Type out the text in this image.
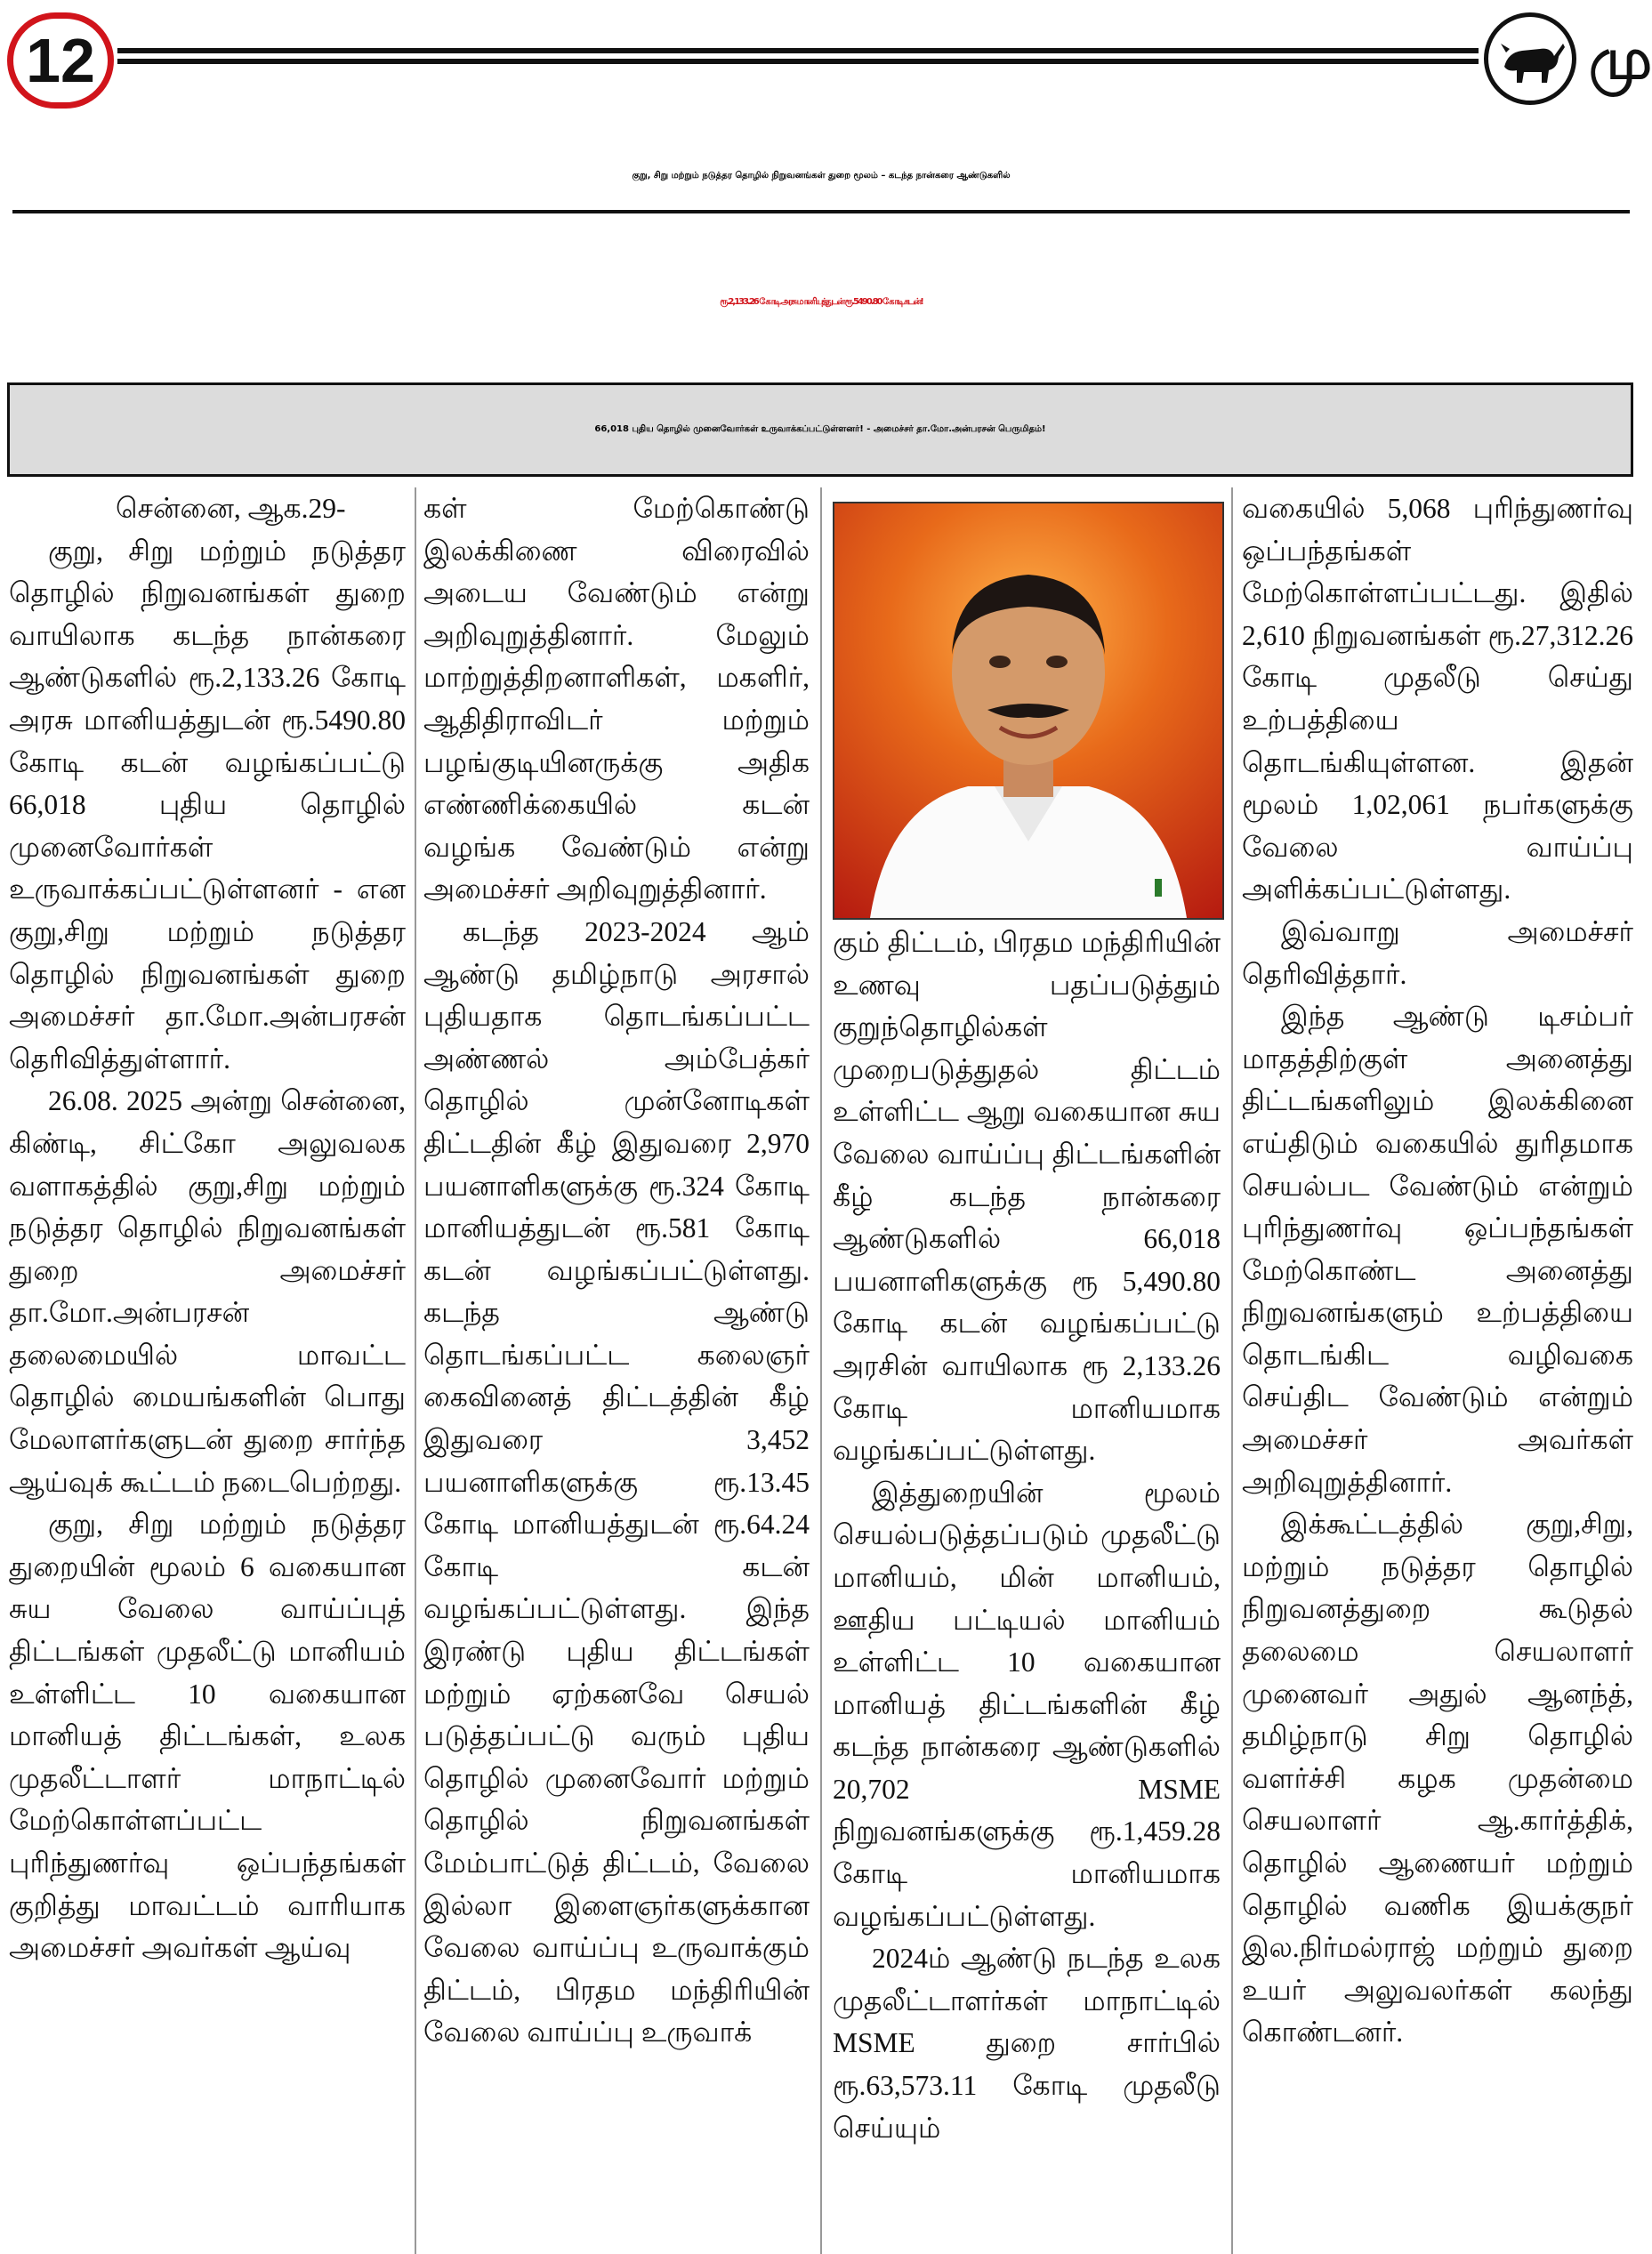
12	மு
குறு, சிறு மற்றும் நடுத்தர தொழில் நிறுவனங்கள் துறை மூலம் – கடந்த நான்கரை ஆண்டுகளில்
ரூ.2,133.26 கோடி அரசு மானியத்துடன் ரூ.5490.80 கோடி கடன்!
66,018 புதிய தொழில் முனைவோர்கள் உருவாக்கப்பட்டுள்ளனர்! - அமைச்சர் தா.மோ.அன்பரசன் பெருமிதம்!

சென்னை, ஆக.29-

குறு, சிறு மற்றும் நடுத்தர தொழில் நிறுவனங்கள் துறை வாயிலாக கடந்த நான்கரை ஆண்டுகளில் ரூ.2,133.26 கோடி அரசு மானியத்துடன் ரூ.5490.80 கோடி கடன் வழங்கப்பட்டு 66,018 புதிய தொழில் முனைவோர்கள் உருவாக்கப்பட்டுள்ளனர் - என குறு,சிறு மற்றும் நடுத்தர தொழில் நிறுவனங்கள் துறை அமைச்சர் தா.மோ.அன்பரசன் தெரிவித்துள்ளார்.

26.08. 2025 அன்று சென்னை, கிண்டி, சிட்கோ அலுவலக வளாகத்தில் குறு,சிறு மற்றும் நடுத்தர தொழில் நிறுவனங்கள் துறை அமைச்சர் தா.மோ.அன்பரசன் தலைமையில் மாவட்ட தொழில் மையங்களின் பொது மேலாளர்களுடன் துறை சார்ந்த ஆய்வுக் கூட்டம் நடைபெற்றது.

குறு, சிறு மற்றும் நடுத்தர துறையின் மூலம் 6 வகையான சுய வேலை வாய்ப்புத் திட்டங்கள் முதலீட்டு மானியம் உள்ளிட்ட 10 வகையான மானியத் திட்டங்கள், உலக முதலீட்டாளர் மாநாட்டில் மேற்கொள்ளப்பட்ட புரிந்துணர்வு ஒப்பந்தங்கள் குறித்து மாவட்டம் வாரியாக அமைச்சர் அவர்கள் ஆய்வு

கள் மேற்கொண்டு இலக்கிணை விரைவில் அடைய வேண்டும் என்று அறிவுறுத்தினார். மேலும் மாற்றுத்திறனாளிகள், மகளிர், ஆதிதிராவிடர் மற்றும் பழங்குடியினருக்கு அதிக எண்ணிக்கையில் கடன் வழங்க வேண்டும் என்று அமைச்சர் அறிவுறுத்தினார்.

கடந்த 2023-2024 ஆம் ஆண்டு தமிழ்நாடு அரசால் புதியதாக தொடங்கப்பட்ட அண்ணல் அம்பேத்கர் தொழில் முன்னோடிகள் திட்டதின் கீழ் இதுவரை 2,970 பயனாளிகளுக்கு ரூ.324 கோடி மானியத்துடன் ரூ.581 கோடி கடன் வழங்கப்பட்டுள்ளது. கடந்த ஆண்டு தொடங்கப்பட்ட கலைஞர் கைவினைத் திட்டத்தின் கீழ் இதுவரை 3,452 பயனாளிகளுக்கு ரூ.13.45 கோடி மானியத்துடன் ரூ.64.24 கோடி கடன் வழங்கப்பட்டுள்ளது. இந்த இரண்டு புதிய திட்டங்கள் மற்றும் ஏற்கனவே செயல் படுத்தப்பட்டு வரும் புதிய தொழில் முனைவோர் மற்றும் தொழில் நிறுவனங்கள் மேம்பாட்டுத் திட்டம், வேலை இல்லா இளைஞர்களுக்கான வேலை வாய்ப்பு உருவாக்கும் திட்டம், பிரதம மந்திரியின் வேலை வாய்ப்பு உருவாக்

கும் திட்டம், பிரதம மந்திரியின் உணவு பதப்படுத்தும் குறுந்தொழில்கள் முறைபடுத்துதல் திட்டம் உள்ளிட்ட ஆறு வகையான சுய வேலை வாய்ப்பு திட்டங்களின் கீழ் கடந்த நான்கரை ஆண்டுகளில் 66,018 பயனாளிகளுக்கு ரூ 5,490.80 கோடி கடன் வழங்கப்பட்டு அரசின் வாயிலாக ரூ 2,133.26 கோடி மானியமாக வழங்கப்பட்டுள்ளது.

இத்துறையின் மூலம் செயல்படுத்தப்படும் முதலீட்டு மானியம், மின் மானியம், ஊதிய பட்டியல் மானியம் உள்ளிட்ட 10 வகையான மானியத் திட்டங்களின் கீழ் கடந்த நான்கரை ஆண்டுகளில் 20,702 MSME நிறுவனங்களுக்கு ரூ.1,459.28 கோடி மானியமாக வழங்கப்பட்டுள்ளது.

2024ம் ஆண்டு நடந்த உலக முதலீட்டாளர்கள் மாநாட்டில் MSME துறை சார்பில் ரூ.63,573.11 கோடி முதலீடு செய்யும்

வகையில் 5,068 புரிந்துணர்வு ஒப்பந்தங்கள் மேற்கொள்ளப்பட்டது. இதில் 2,610 நிறுவனங்கள் ரூ.27,312.26 கோடி முதலீடு செய்து உற்பத்தியை தொடங்கியுள்ளன. இதன் மூலம் 1,02,061 நபர்களுக்கு வேலை வாய்ப்பு அளிக்கப்பட்டுள்ளது.

இவ்வாறு அமைச்சர் தெரிவித்தார்.

இந்த ஆண்டு டிசம்பர் மாதத்திற்குள் அனைத்து திட்டங்களிலும் இலக்கினை எய்திடும் வகையில் துரிதமாக செயல்பட வேண்டும் என்றும் புரிந்துணர்வு ஒப்பந்தங்கள் மேற்கொண்ட அனைத்து நிறுவனங்களும் உற்பத்தியை தொடங்கிட வழிவகை செய்திட வேண்டும் என்றும் அமைச்சர் அவர்கள் அறிவுறுத்தினார்.

இக்கூட்டத்தில் குறு,சிறு, மற்றும் நடுத்தர தொழில் நிறுவனத்துறை கூடுதல் தலைமை செயலாளர் முனைவர் அதுல் ஆனந்த், தமிழ்நாடு சிறு தொழில் வளர்ச்சி கழக முதன்மை செயலாளர் ஆ.கார்த்திக், தொழில் ஆணையர் மற்றும் தொழில் வணிக இயக்குநர் இல.நிர்மல்ராஜ் மற்றும் துறை உயர் அலுவலர்கள் கலந்து கொண்டனர்.
